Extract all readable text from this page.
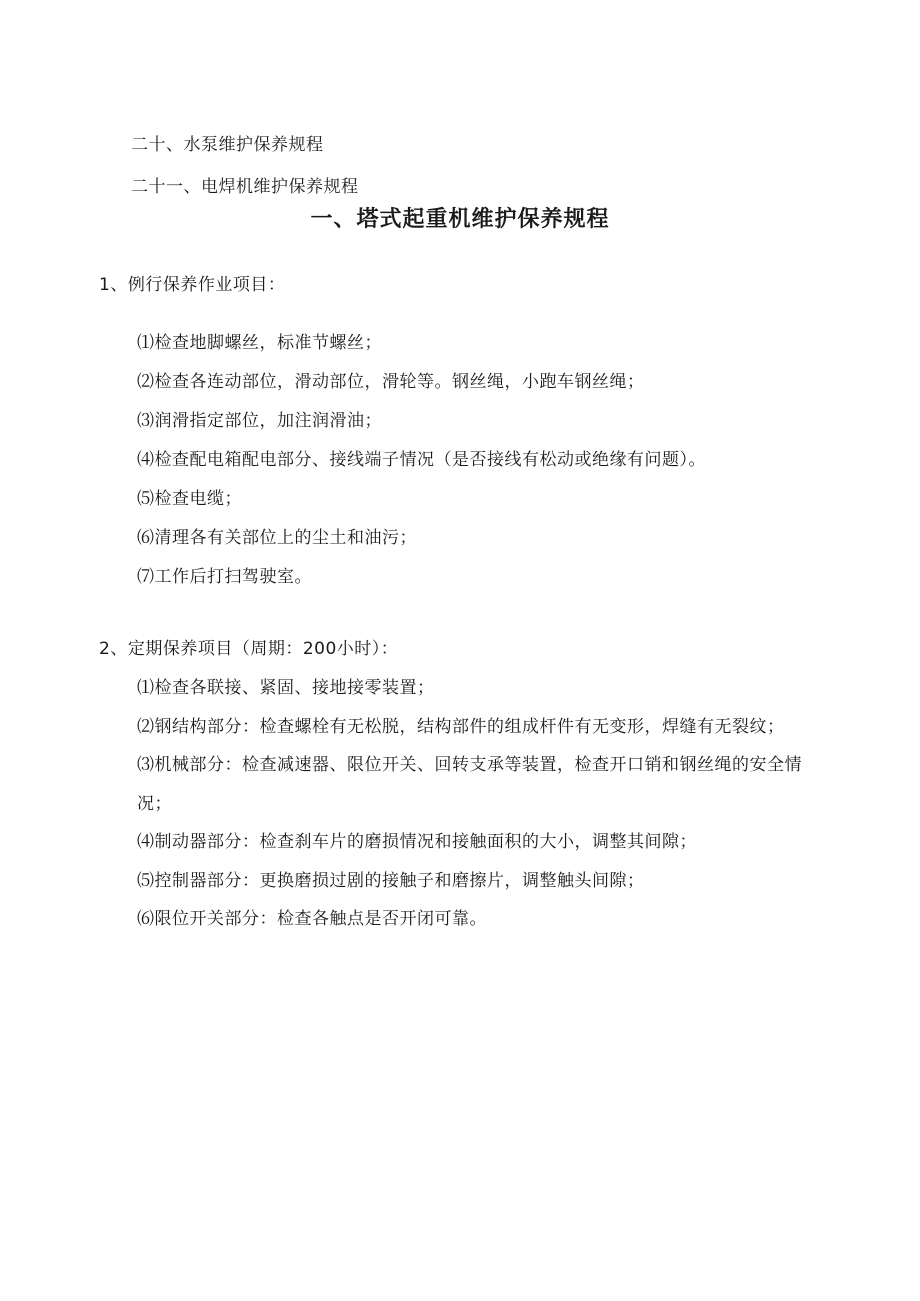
二十、水泵维护保养规程
二十一、电焊机维护保养规程
一、塔式起重机维护保养规程
1、例行保养作业项目：
⑴检查地脚螺丝，标准节螺丝；
⑵检查各连动部位，滑动部位，滑轮等。钢丝绳，小跑车钢丝绳；
⑶润滑指定部位，加注润滑油；
⑷检查配电箱配电部分、接线端子情况（是否接线有松动或绝缘有问题）。
⑸检查电缆；
⑹清理各有关部位上的尘土和油污；
⑺工作后打扫驾驶室。
2、定期保养项目（周期：200小时）：
⑴检查各联接、紧固、接地接零装置；
⑵钢结构部分：检查螺栓有无松脱，结构部件的组成杆件有无变形，焊缝有无裂纹；
⑶机械部分：检查减速器、限位开关、回转支承等装置，检查开口销和钢丝绳的安全情况；
⑷制动器部分：检查刹车片的磨损情况和接触面积的大小，调整其间隙；
⑸控制器部分：更换磨损过剧的接触子和磨擦片，调整触头间隙；
⑹限位开关部分：检查各触点是否开闭可靠。
